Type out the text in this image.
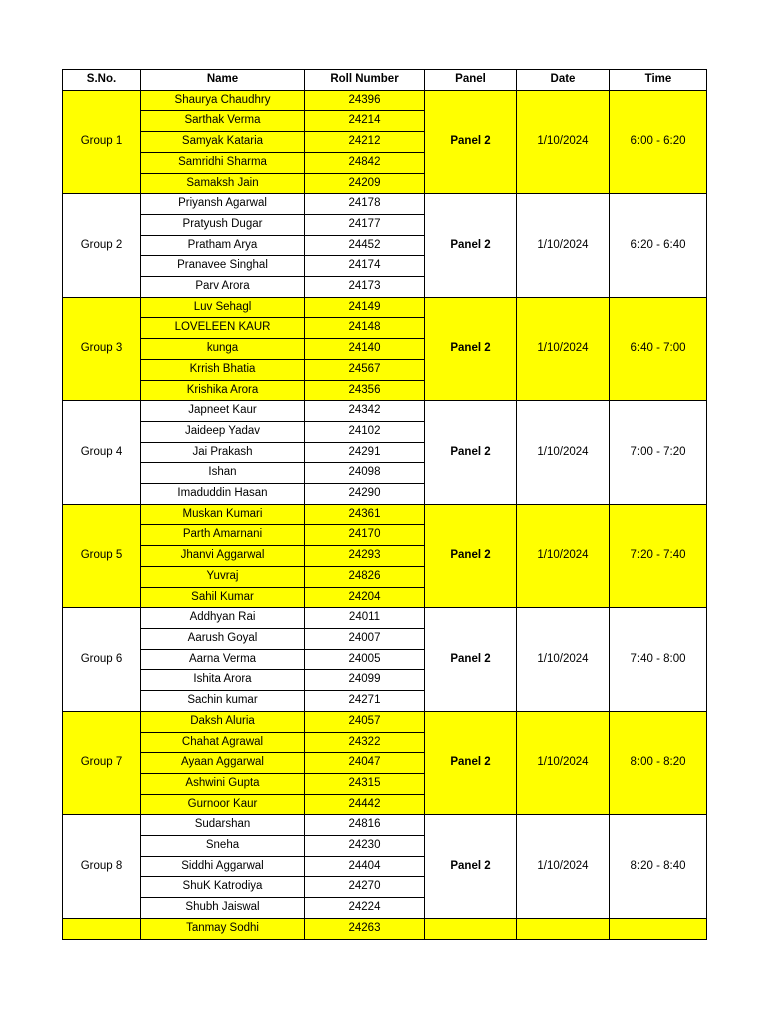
S.No.	Name	Roll Number	Panel	Date	Time
Group 1	Shaurya Chaudhry	24396	Panel 2	1/10/2024	6:00 - 6:20
	Sarthak Verma	24214			
	Samyak Kataria	24212			
	Samridhi Sharma	24842			
	Samaksh Jain	24209			
Group 2	Priyansh Agarwal	24178	Panel 2	1/10/2024	6:20 - 6:40
	Pratyush Dugar	24177			
	Pratham Arya	24452			
	Pranavee Singhal	24174			
	Parv Arora	24173			
Group 3	Luv Sehagl	24149	Panel 2	1/10/2024	6:40 - 7:00
	LOVELEEN KAUR	24148			
	kunga	24140			
	Krrish Bhatia	24567			
	Krishika Arora	24356			
Group 4	Japneet Kaur	24342	Panel 2	1/10/2024	7:00 - 7:20
	Jaideep Yadav	24102			
	Jai Prakash	24291			
	Ishan	24098			
	Imaduddin Hasan	24290			
Group 5	Muskan Kumari	24361	Panel 2	1/10/2024	7:20 - 7:40
	Parth Amarnani	24170			
	Jhanvi Aggarwal	24293			
	Yuvraj	24826			
	Sahil Kumar	24204			
Group 6	Addhyan Rai	24011	Panel 2	1/10/2024	7:40 - 8:00
	Aarush Goyal	24007			
	Aarna Verma	24005			
	Ishita Arora	24099			
	Sachin kumar	24271			
Group 7	Daksh Aluria	24057	Panel 2	1/10/2024	8:00 - 8:20
	Chahat Agrawal	24322			
	Ayaan Aggarwal	24047			
	Ashwini Gupta	24315			
	Gurnoor Kaur	24442			
Group 8	Sudarshan	24816	Panel 2	1/10/2024	8:20 - 8:40
	Sneha	24230			
	Siddhi Aggarwal	24404			
	ShuK Katrodiya	24270			
	Shubh Jaiswal	24224			
	Tanmay Sodhi	24263			
